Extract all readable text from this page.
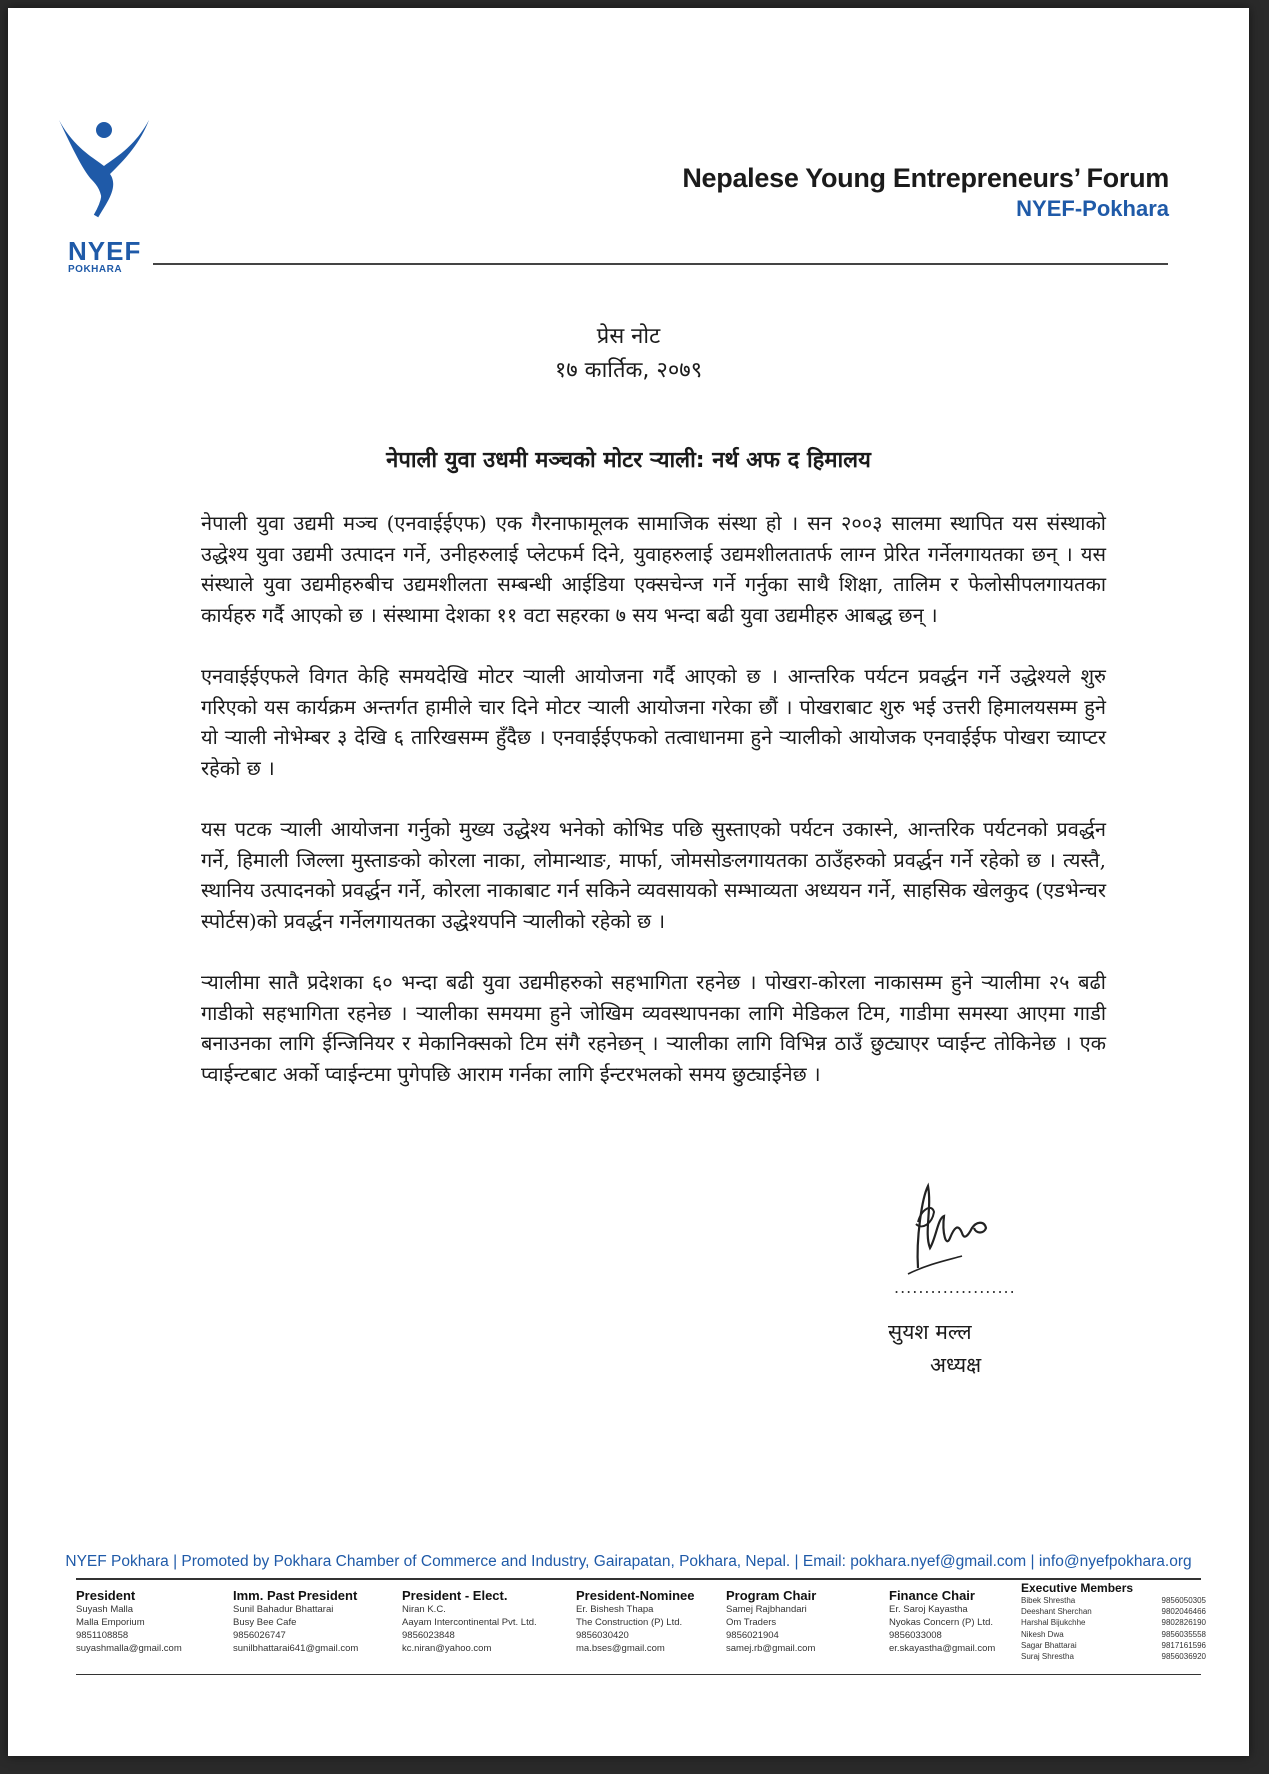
NYEF
POKHARA
Nepalese Young Entrepreneurs’ Forum
NYEF-Pokhara
प्रेस नोट
१७ कार्तिक, २०७९
नेपाली युवा उधमी मञ्चको मोटर र्‍याली: नर्थ अफ द हिमालय

नेपाली युवा उद्यमी मञ्च (एनवाईईएफ) एक गैरनाफामूलक सामाजिक संस्था हो । सन २००३ सालमा स्थापित यस संस्थाको उद्धेश्य युवा उद्यमी उत्पादन गर्ने, उनीहरुलाई प्लेटफर्म दिने, युवाहरुलाई उद्यमशीलतातर्फ लाग्न प्रेरित गर्नेलगायतका छन् । यस संस्थाले युवा उद्यमीहरुबीच उद्यमशीलता सम्बन्धी आईडिया एक्सचेन्ज गर्ने गर्नुका साथै शिक्षा, तालिम र फेलोसीपलगायतका कार्यहरु गर्दै आएको छ । संस्थामा देशका ११ वटा सहरका ७ सय भन्दा बढी युवा उद्यमीहरु आबद्ध छन् ।

एनवाईईएफले विगत केहि समयदेखि मोटर र्‍याली आयोजना गर्दै आएको छ । आन्तरिक पर्यटन प्रवर्द्धन गर्ने उद्धेश्यले शुरु गरिएको यस कार्यक्रम अन्तर्गत हामीले चार दिने मोटर र्‍याली आयोजना गरेका छौं । पोखराबाट शुरु भई उत्तरी हिमालयसम्म हुने यो र्‍याली नोभेम्बर ३ देखि ६ तारिखसम्म हुँदैछ । एनवाईईएफको तत्वाधानमा हुने र्‍यालीको आयोजक एनवाईईफ पोखरा च्याप्टर रहेको छ ।

यस पटक र्‍याली आयोजना गर्नुको मुख्य उद्धेश्य भनेको कोभिड पछि सुस्ताएको पर्यटन उकास्ने, आन्तरिक पर्यटनको प्रवर्द्धन गर्ने, हिमाली जिल्ला मुस्ताङको कोरला नाका, लोमान्थाङ, मार्फा, जोमसोङलगायतका ठाउँहरुको प्रवर्द्धन गर्ने रहेको छ । त्यस्तै, स्थानिय उत्पादनको प्रवर्द्धन गर्ने, कोरला नाकाबाट गर्न सकिने व्यवसायको सम्भाव्यता अध्ययन गर्ने, साहसिक खेलकुद (एडभेन्चर स्पोर्टस)को प्रवर्द्धन गर्नेलगायतका उद्धेश्यपनि र्‍यालीको रहेको छ ।

र्‍यालीमा सातै प्रदेशका ६० भन्दा बढी युवा उद्यमीहरुको सहभागिता रहनेछ । पोखरा-कोरला नाकासम्म हुने र्‍यालीमा २५ बढी गाडीको सहभागिता रहनेछ । र्‍यालीका समयमा हुने जोखिम व्यवस्थापनका लागि मेडिकल टिम, गाडीमा समस्या आएमा गाडी बनाउनका लागि ईन्जिनियर र मेकानिक्सको टिम संगै रहनेछन् । र्‍यालीका लागि विभिन्न ठाउँ छुट्याएर प्वाईन्ट तोकिनेछ । एक प्वाईन्टबाट अर्को प्वाईन्टमा पुगेपछि आराम गर्नका लागि ईन्टरभलको समय छुट्याईनेछ ।

....................
सुयश मल्ल
अध्यक्ष
NYEF Pokhara | Promoted by Pokhara Chamber of Commerce and Industry, Gairapatan, Pokhara, Nepal. | Email: pokhara.nyef@gmail.com | info@nyefpokhara.org
President
Suyash Malla
Malla Emporium
9851108858
suyashmalla@gmail.com
Imm. Past President
Sunil Bahadur Bhattarai
Busy Bee Cafe
9856026747
sunilbhattarai641@gmail.com
President - Elect.
Niran K.C.
Aayam Intercontinental Pvt. Ltd.
9856023848
kc.niran@yahoo.com
President-Nominee
Er. Bishesh Thapa
The Construction (P) Ltd.
9856030420
ma.bses@gmail.com
Program Chair
Samej Rajbhandari
Om Traders
9856021904
samej.rb@gmail.com
Finance Chair
Er. Saroj Kayastha
Nyokas Concern (P) Ltd.
9856033008
er.skayastha@gmail.com
Executive Members
Bibek Shrestha	9856050305
Deeshant Sherchan	9802046466
Harshal Bijukchhe	9802826190
Nikesh Dwa	9856035558
Sagar Bhattarai	9817161596
Suraj Shrestha	9856036920
